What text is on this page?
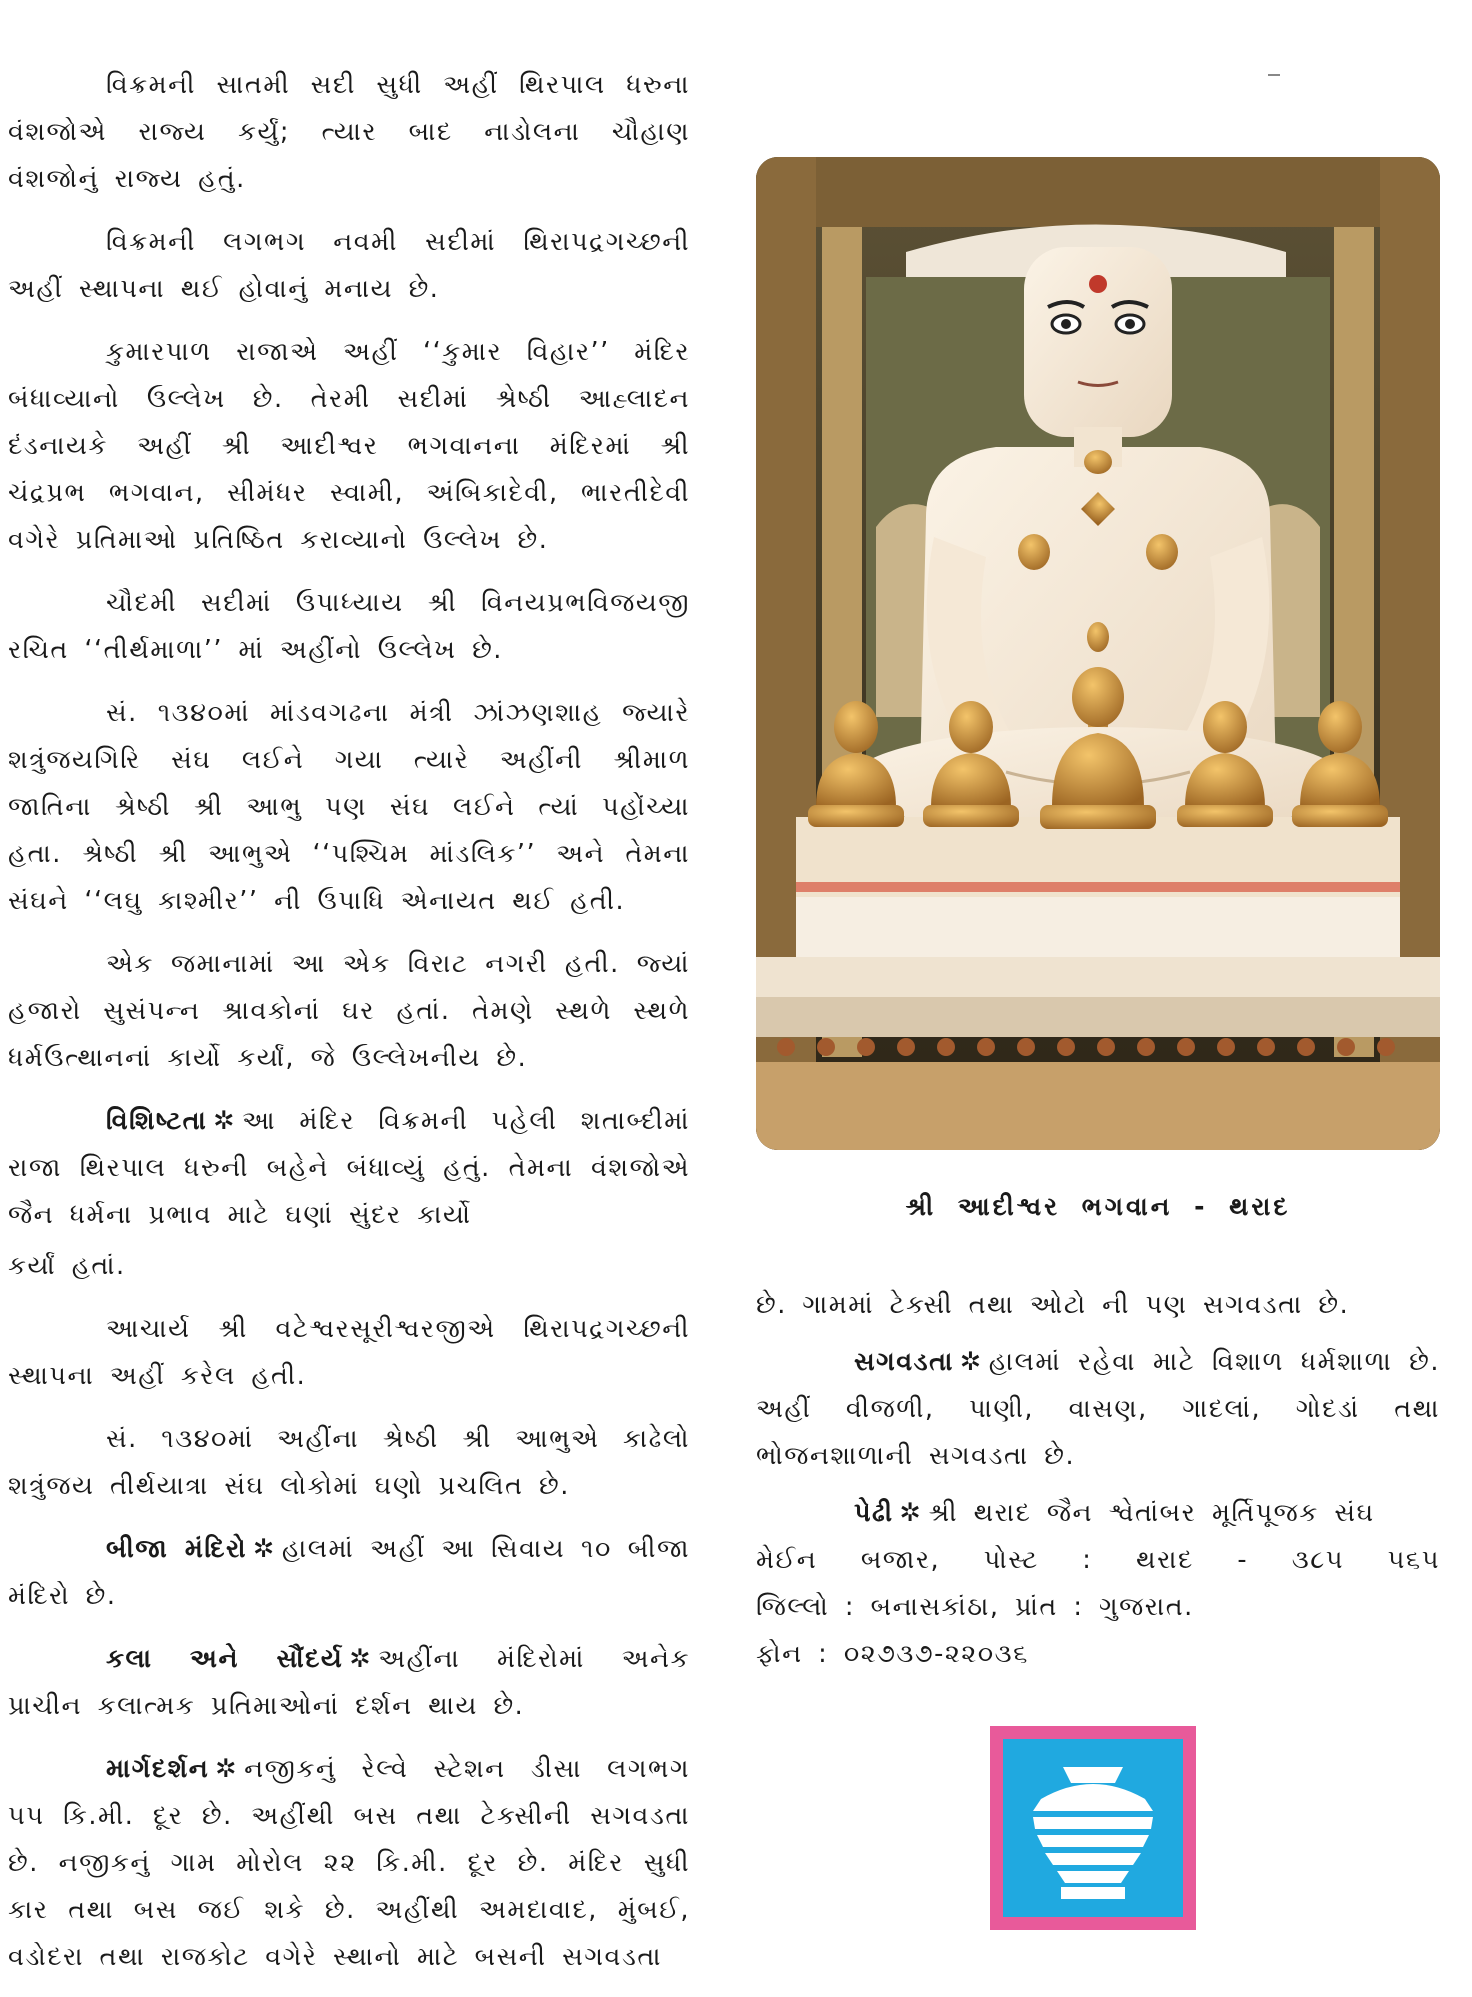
વિક્રમની સાતમી સદી સુધી અહીં થિરપાલ ધરુના વંશજોએ રાજ્ય કર્યું; ત્યાર બાદ નાડોલના ચૌહાણ વંશજોનું રાજ્ય હતું.

વિક્રમની લગભગ નવમી સદીમાં થિરાપદ્રગચ્છની અહીં સ્થાપના થઈ હોવાનું મનાય છે.

કુમારપાળ રાજાએ અહીં ‘‘કુમાર વિહાર’’ મંદિર બંધાવ્યાનો ઉલ્લેખ છે. તેરમી સદીમાં શ્રેષ્ઠી આહ્લાદન દંડનાયકે અહીં શ્રી આદીશ્વર ભગવાનના મંદિરમાં શ્રી ચંદ્રપ્રભ ભગવાન, સીમંધર સ્વામી, અંબિકાદેવી, ભારતીદેવી વગેરે પ્રતિમાઓ પ્રતિષ્ઠિત કરાવ્યાનો ઉલ્લેખ છે.

ચૌદમી સદીમાં ઉપાધ્યાય શ્રી વિનયપ્રભવિજયજી રચિત ‘‘તીર્થમાળા’’ માં અહીંનો ઉલ્લેખ છે.

સં. ૧૩૪૦માં માંડવગઢના મંત્રી ઝાંઝણશાહ જ્યારે શત્રુંજયગિરિ સંઘ લઈને ગયા ત્યારે અહીંની શ્રીમાળ જાતિના શ્રેષ્ઠી શ્રી આભુ પણ સંઘ લઈને ત્યાં પહોંચ્યા હતા. શ્રેષ્ઠી શ્રી આભુએ ‘‘પશ્ચિમ માંડલિક’’ અને તેમના સંઘને ‘‘લઘુ કાશ્મીર’’ ની ઉપાધિ એનાયત થઈ હતી.

એક જમાનામાં આ એક વિરાટ નગરી હતી. જ્યાં હજારો સુસંપન્ન શ્રાવકોનાં ઘર હતાં. તેમણે સ્થળે સ્થળે ધર્મઉત્થાનનાં કાર્યો કર્યાં, જે ઉલ્લેખનીય છે.

વિશિષ્ટતા ✲ આ મંદિર વિક્રમની પહેલી શતાબ્દીમાં રાજા થિરપાલ ધરુની બહેને બંધાવ્યું હતું. તેમના વંશજોએ જૈન ધર્મના પ્રભાવ માટે ઘણાં સુંદર કાર્યો

કર્યાં હતાં.

આચાર્ય શ્રી વટેશ્વરસૂરીશ્વરજીએ થિરાપદ્રગચ્છની સ્થાપના અહીં કરેલ હતી.

સં. ૧૩૪૦માં અહીંના શ્રેષ્ઠી શ્રી આભુએ કાઢેલો શત્રુંજય તીર્થયાત્રા સંઘ લોકોમાં ઘણો પ્રચલિત છે.

બીજા મંદિરો ✲ હાલમાં અહીં આ સિવાય ૧૦ બીજા મંદિરો છે.

કલા અને સૌંદર્ય ✲ અહીંના મંદિરોમાં અનેક પ્રાચીન કલાત્મક પ્રતિમાઓનાં દર્શન થાય છે.

માર્ગદર્શન ✲ નજીકનું રેલ્વે સ્ટેશન ડીસા લગભગ ૫૫ કિ.મી. દૂર છે. અહીંથી બસ તથા ટેક્સીની સગવડતા છે. નજીકનું ગામ મોરોલ ૨૨ કિ.મી. દૂર છે. મંદિર સુધી કાર તથા બસ જઈ શકે છે. અહીંથી અમદાવાદ, મુંબઈ, વડોદરા તથા રાજકોટ વગેરે સ્થાનો માટે બસની સગવડતા

શ્રી આદીશ્વર ભગવાન - થરાદ

છે. ગામમાં ટેક્સી તથા ઓટો ની પણ સગવડતા છે.

સગવડતા ✲ હાલમાં રહેવા માટે વિશાળ ધર્મશાળા છે. અહીં વીજળી, પાણી, વાસણ, ગાદલાં, ગોદડાં તથા ભોજનશાળાની સગવડતા છે.

પેઢી ✲ શ્રી થરાદ જૈન શ્વેતાંબર મૂર્તિપૂજક સંઘ
મેઈન બજાર, પોસ્ટ : થરાદ - ૩૮૫ ૫૬૫
જિલ્લો : બનાસકાંઠા, પ્રાંત : ગુજરાત.
ફોન : ૦૨૭૩૭-૨૨૦૩૬
